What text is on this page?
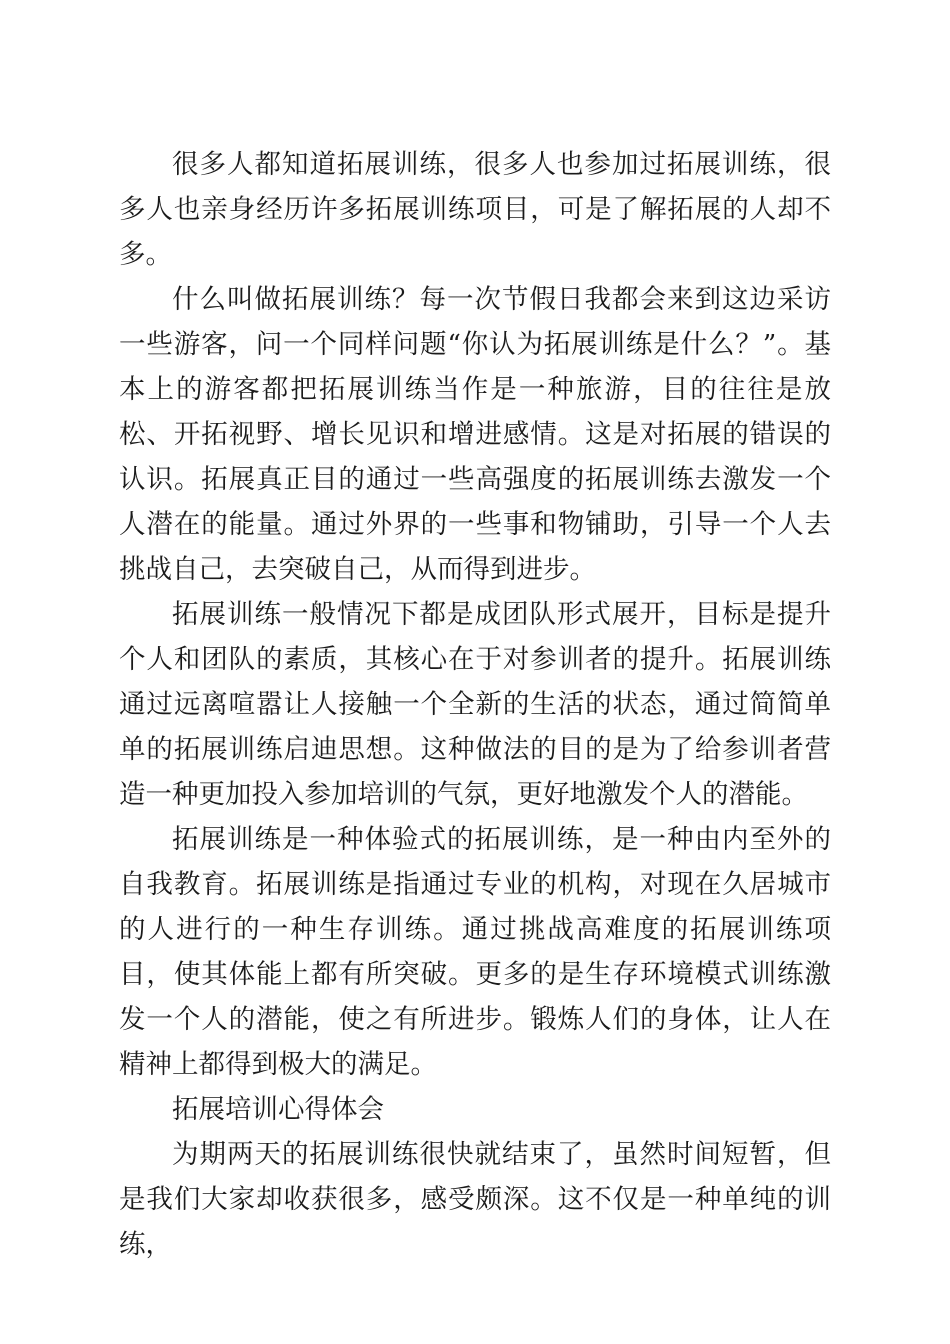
很多人都知道拓展训练，很多人也参加过拓展训练，很多人也亲身经历许多拓展训练项目，可是了解拓展的人却不多。

什么叫做拓展训练？每一次节假日我都会来到这边采访一些游客，问一个同样问题“你认为拓展训练是什么？”。基本上的游客都把拓展训练当作是一种旅游，目的往往是放松、开拓视野、增长见识和增进感情。这是对拓展的错误的认识。拓展真正目的通过一些高强度的拓展训练去激发一个人潜在的能量。通过外界的一些事和物铺助，引导一个人去挑战自己，去突破自己，从而得到进步。

拓展训练一般情况下都是成团队形式展开，目标是提升个人和团队的素质，其核心在于对参训者的提升。拓展训练通过远离喧嚣让人接触一个全新的生活的状态，通过简简单单的拓展训练启迪思想。这种做法的目的是为了给参训者营造一种更加投入参加培训的气氛，更好地激发个人的潜能。

拓展训练是一种体验式的拓展训练，是一种由内至外的自我教育。拓展训练是指通过专业的机构，对现在久居城市的人进行的一种生存训练。通过挑战高难度的拓展训练项目，使其体能上都有所突破。更多的是生存环境模式训练激发一个人的潜能，使之有所进步。锻炼人们的身体，让人在精神上都得到极大的满足。

拓展培训心得体会

为期两天的拓展训练很快就结束了，虽然时间短暂，但是我们大家却收获很多，感受颇深。这不仅是一种单纯的训练，
